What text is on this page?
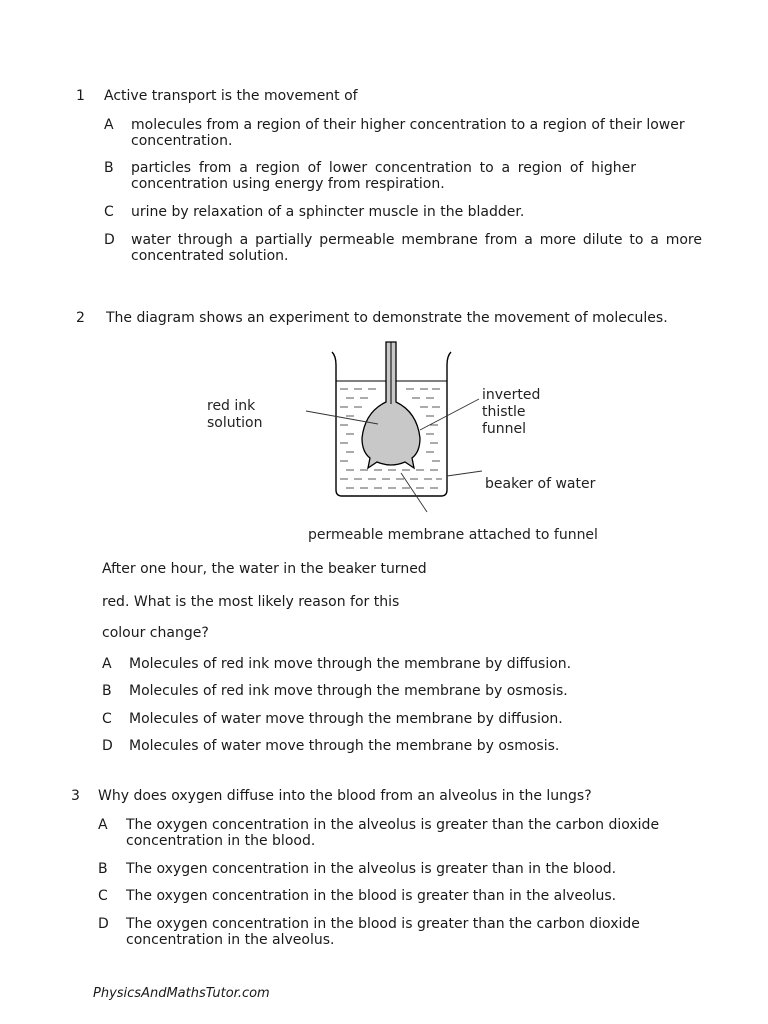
1 Active transport is the movement of
A molecules from a region of their higher concentration to a region of their lower concentration.
B particles from a region of lower concentration to a region of higher concentration using energy from respiration.
C urine by relaxation of a sphincter muscle in the bladder.
D water through a partially permeable membrane from a more dilute to a more concentrated solution.
2 The diagram shows an experiment to demonstrate the movement of molecules.
red ink solution
inverted thistle funnel
beaker of water
permeable membrane attached to funnel
After one hour, the water in the beaker turned
red. What is the most likely reason for this
colour change?
A Molecules of red ink move through the membrane by diffusion.
B Molecules of red ink move through the membrane by osmosis.
C Molecules of water move through the membrane by diffusion.
D Molecules of water move through the membrane by osmosis.
3 Why does oxygen diffuse into the blood from an alveolus in the lungs?
A The oxygen concentration in the alveolus is greater than the carbon dioxide concentration in the blood.
B The oxygen concentration in the alveolus is greater than in the blood.
C The oxygen concentration in the blood is greater than in the alveolus.
D The oxygen concentration in the blood is greater than the carbon dioxide concentration in the alveolus.
PhysicsAndMathsTutor.com
